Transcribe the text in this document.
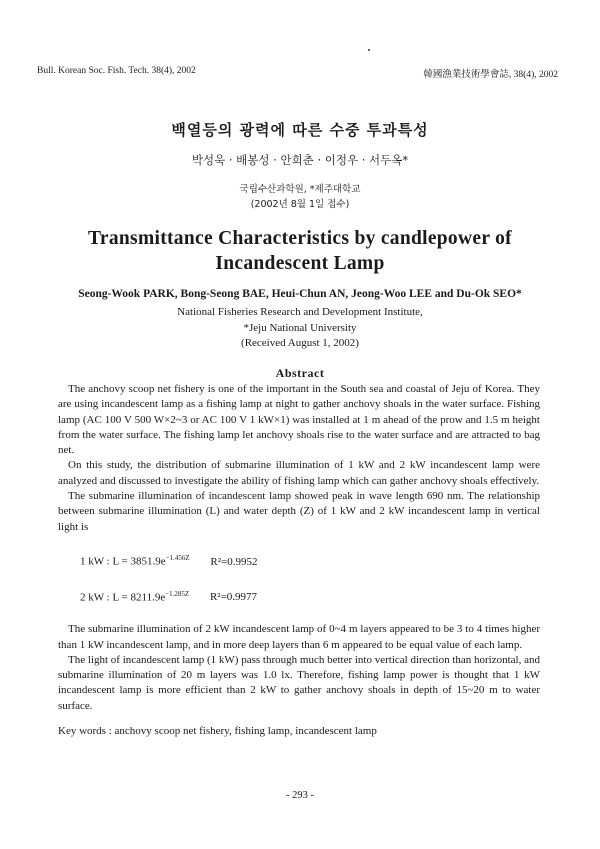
Bull. Korean Soc. Fish. Tech. 38(4), 2002	韓國漁業技術學會誌, 38(4), 2002
백열등의 광력에 따른 수중 투과특성
박성욱 · 배봉성 · 안희춘 · 이정우 · 서두옥*
국립수산과학원, *제주대학교
(2002년 8월 1일 접수)
Transmittance Characteristics by candlepower of
Incandescent Lamp
Seong-Wook PARK, Bong-Seong BAE, Heui-Chun AN, Jeong-Woo LEE and Du-Ok SEO*
National Fisheries Research and Development Institute,
*Jeju National University
(Received August 1, 2002)
Abstract

The anchovy scoop net fishery is one of the important in the South sea and coastal of Jeju of Korea. They are using incandescent lamp as a fishing lamp at night to gather anchovy shoals in the water surface. Fishing lamp (AC 100 V 500 W×2~3 or AC 100 V 1 kW×1) was installed at 1 m ahead of the prow and 1.5 m height from the water surface. The fishing lamp let anchovy shoals rise to the water surface and are attracted to bag net.

On this study, the distribution of submarine illumination of 1 kW and 2 kW incandescent lamp were analyzed and discussed to investigate the ability of fishing lamp which can gather anchovy shoals effectively.

The submarine illumination of incandescent lamp showed peak in wave length 690 nm. The relationship between submarine illumination (L) and water depth (Z) of 1 kW and 2 kW incandescent lamp in vertical light is

1 kW : $L = 3851.9e^{-1.456Z}$ R²=0.9952
2 kW : $L = 8211.9e^{-1.285Z}$ R²=0.9977

The submarine illumination of 2 kW incandescent lamp of 0~4 m layers appeared to be 3 to 4 times higher than 1 kW incandescent lamp, and in more deep layers than 6 m appeared to be equal value of each lamp.

The light of incandescent lamp (1 kW) pass through much better into vertical direction than horizontal, and submarine illumination of 20 m layers was 1.0 lx. Therefore, fishing lamp power is thought that 1 kW incandescent lamp is more efficient than 2 kW to gather anchovy shoals in depth of 15~20 m to water surface.

Key words : anchovy scoop net fishery, fishing lamp, incandescent lamp
- 293 -
